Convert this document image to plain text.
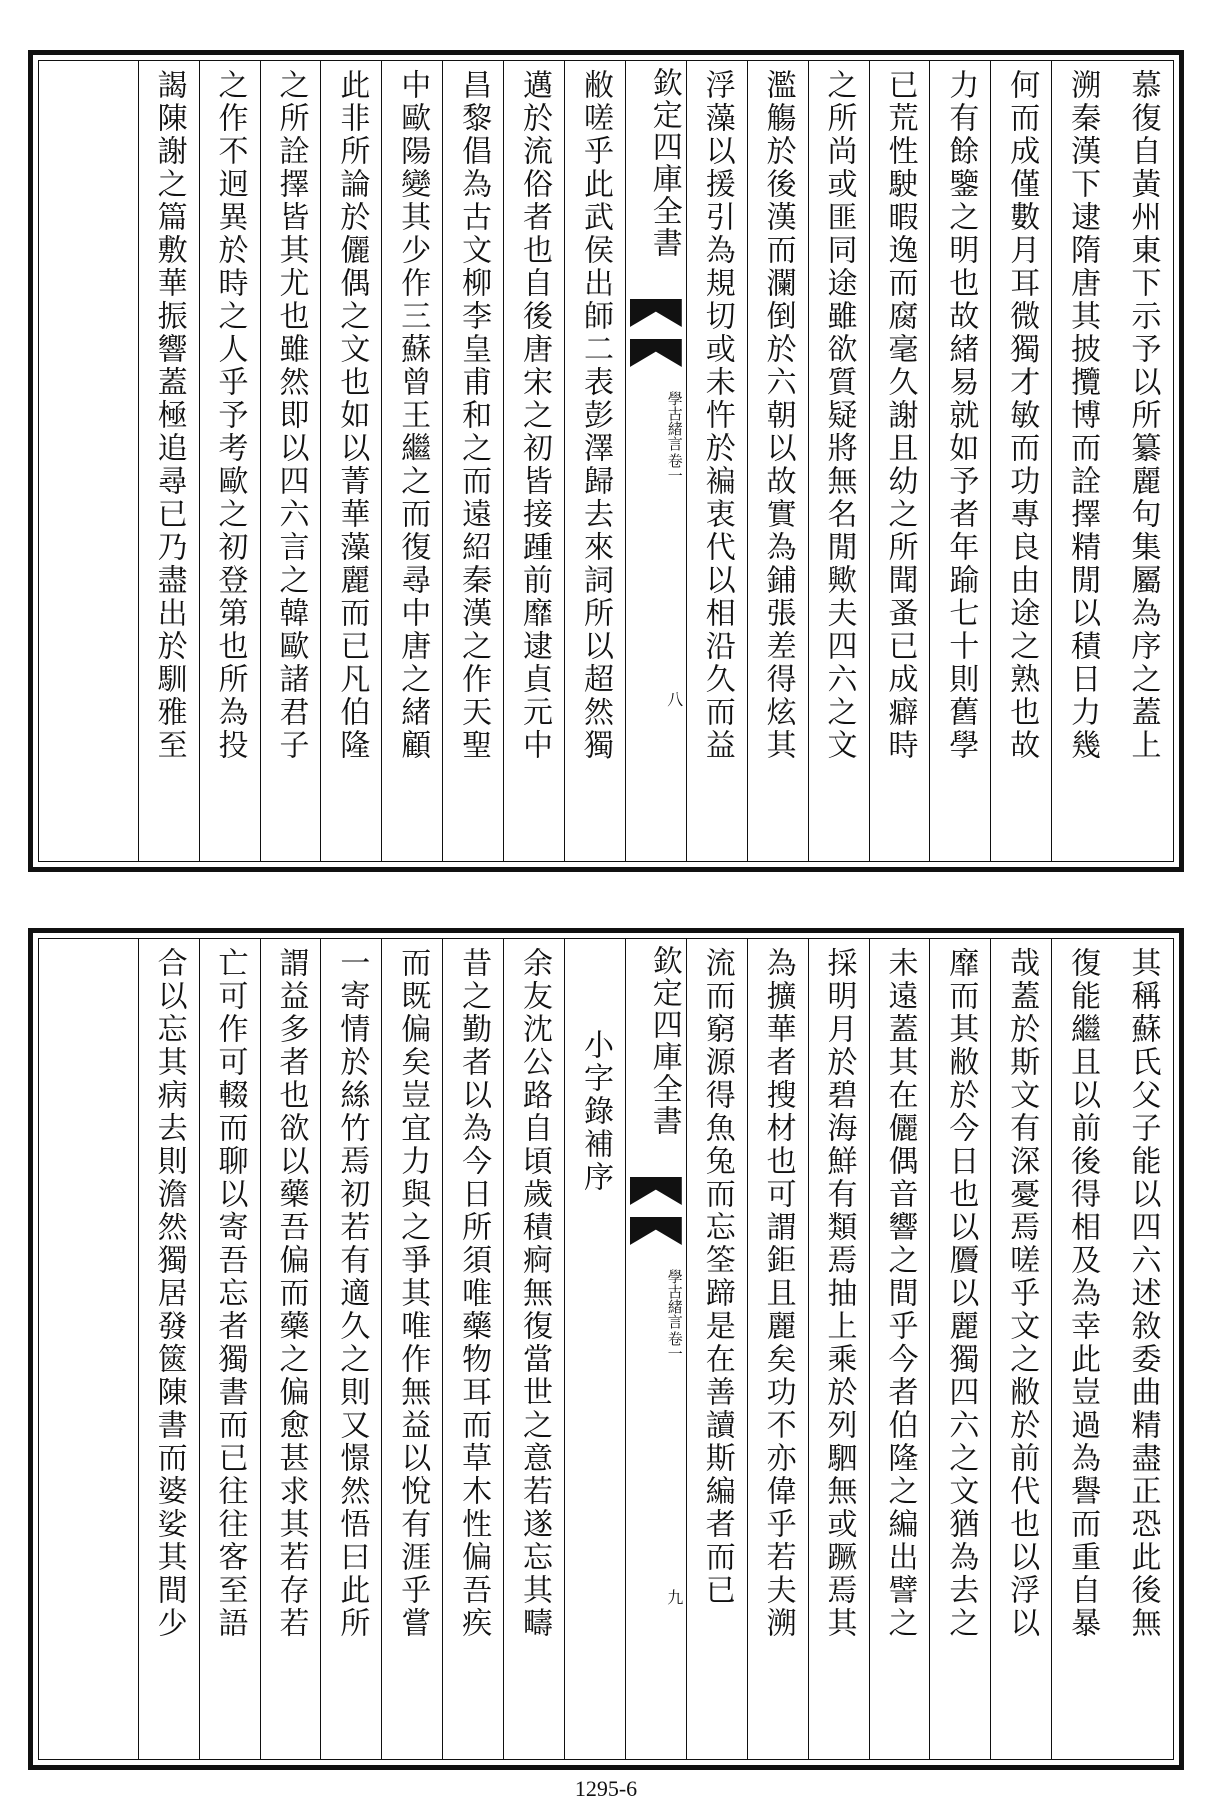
慕復自黃州東下示予以所纂麗句集屬為序之蓋上
溯秦漢下逮隋唐其披攬博而詮擇精閒以積日力幾
何而成僅數月耳微獨才敏而功專良由途之熟也故
力有餘鑒之明也故緒易就如予者年踰七十則舊學
已荒性駛暇逸而腐毫久謝且幼之所聞蚤已成癖時
之所尚或匪同途雖欲質疑將無名閒歟夫四六之文
濫觴於後漢而瀾倒於六朝以故實為鋪張差得炫其
浮藻以援引為規切或未忤於褊衷代以相沿久而益
欽定四庫全書
學古緒言
卷一
八
敝嗟乎此武侯出師二表彭澤歸去來詞所以超然獨
邁於流俗者也自後唐宋之初皆接踵前靡逮貞元中
昌黎倡為古文柳李皇甫和之而遠紹秦漢之作天聖
中歐陽變其少作三蘇曾王繼之而復尋中唐之緒顧
此非所論於儷偶之文也如以菁華藻麗而已凡伯隆
之所詮擇皆其尤也雖然即以四六言之韓歐諸君子
之作不迥異於時之人乎予考歐之初登第也所為投
謁陳謝之篇敷華振響蓋極追尋已乃盡出於馴雅至
其稱蘇氏父子能以四六述敘委曲精盡正恐此後無
復能繼且以前後得相及為幸此豈過為譽而重自暴
哉蓋於斯文有深憂焉嗟乎文之敝於前代也以浮以
靡而其敝於今日也以贗以麗獨四六之文猶為去之
未遠蓋其在儷偶音響之間乎今者伯隆之編出譬之
採明月於碧海鮮有類焉抽上乘於列駟無或蹶焉其
為擴華者搜材也可謂鉅且麗矣功不亦偉乎若夫溯
流而窮源得魚兔而忘筌蹄是在善讀斯編者而已
欽定四庫全書
學古緒言
卷一
九
小字錄補序
余友沈公路自頃歲積痾無復當世之意若遂忘其疇
昔之勤者以為今日所須唯藥物耳而草木性偏吾疾
而既偏矣豈宜力與之爭其唯作無益以悅有涯乎嘗
一寄情於絲竹焉初若有適久之則又憬然悟曰此所
謂益多者也欲以藥吾偏而藥之偏愈甚求其若存若
亡可作可輟而聊以寄吾忘者獨書而已往往客至語
合以忘其病去則澹然獨居發篋陳書而婆娑其間少
1295-6
